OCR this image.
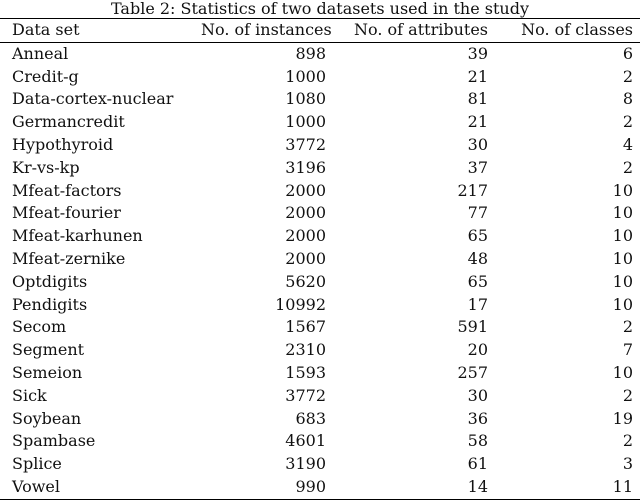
Table 2: Statistics of two datasets used in the study
Data set	No. of instances	No. of attributes	No. of classes
Anneal	898	39	6
Credit-g	1000	21	2
Data-cortex-nuclear	1080	81	8
Germancredit	1000	21	2
Hypothyroid	3772	30	4
Kr-vs-kp	3196	37	2
Mfeat-factors	2000	217	10
Mfeat-fourier	2000	77	10
Mfeat-karhunen	2000	65	10
Mfeat-zernike	2000	48	10
Optdigits	5620	65	10
Pendigits	10992	17	10
Secom	1567	591	2
Segment	2310	20	7
Semeion	1593	257	10
Sick	3772	30	2
Soybean	683	36	19
Spambase	4601	58	2
Splice	3190	61	3
Vowel	990	14	11
